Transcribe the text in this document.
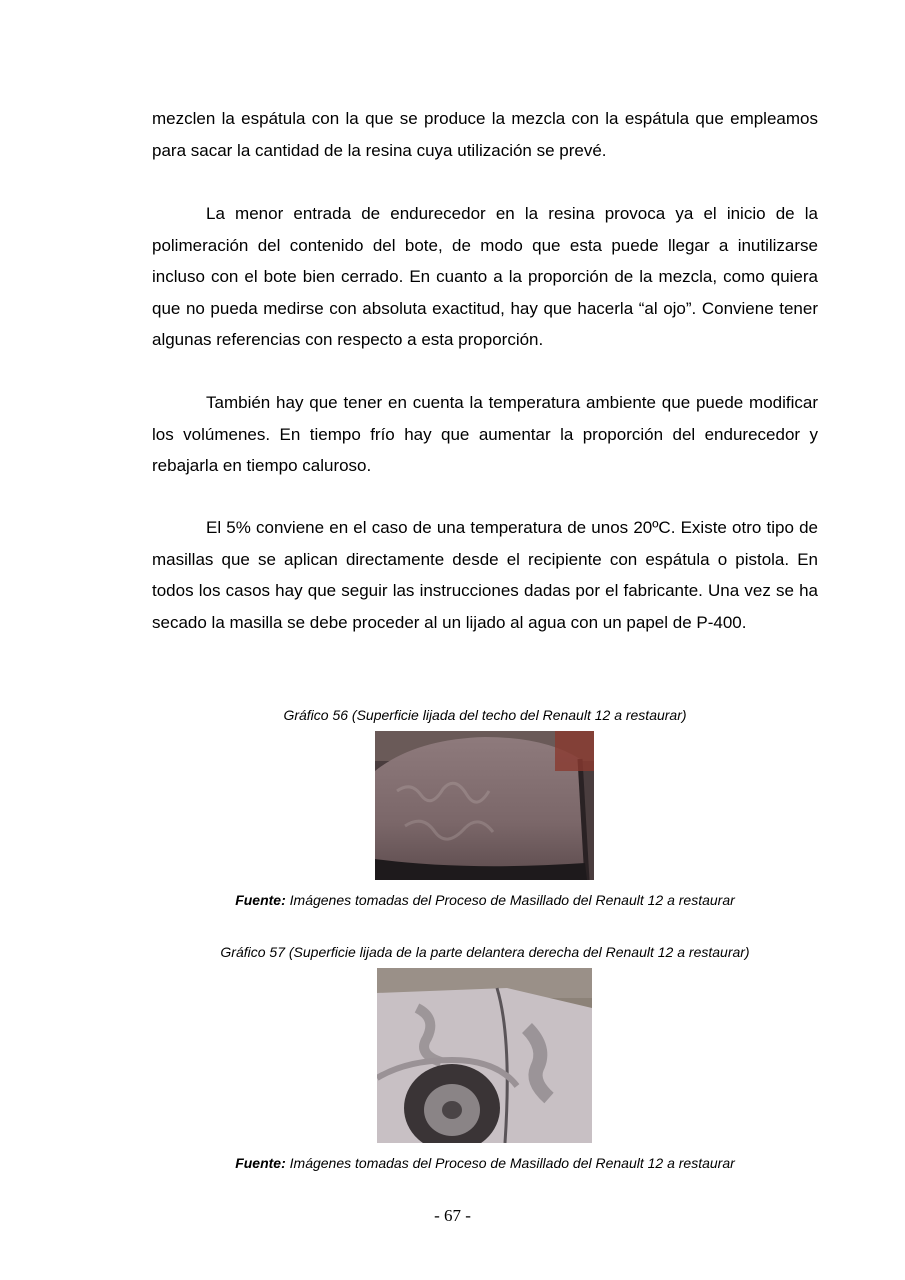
mezclen la espátula con la que se produce la mezcla con la espátula que empleamos para sacar la cantidad de la resina cuya utilización se prevé.

La menor entrada de endurecedor en la resina provoca ya el inicio de la polimeración del contenido del bote, de modo que esta puede llegar a inutilizarse incluso con el bote bien cerrado. En cuanto a la proporción de la mezcla, como quiera que no pueda medirse con absoluta exactitud, hay que hacerla “al ojo”. Conviene tener algunas referencias con respecto a esta proporción.

También hay que tener en cuenta la temperatura ambiente que puede modificar los volúmenes. En tiempo frío hay que aumentar la proporción del endurecedor y rebajarla en tiempo caluroso.

El 5% conviene en el caso de una temperatura de unos 20ºC. Existe otro tipo de masillas que se aplican directamente desde el recipiente con espátula o pistola. En todos los casos hay que seguir las instrucciones dadas por el fabricante. Una vez se ha secado la masilla se debe proceder al un lijado al agua con un papel de P-400.

Gráfico 56 (Superficie lijada del techo del Renault 12 a restaurar)

Fuente: Imágenes tomadas del Proceso de Masillado del Renault 12 a restaurar

Gráfico 57 (Superficie lijada de la parte delantera derecha del Renault 12 a restaurar)

Fuente: Imágenes tomadas del Proceso de Masillado del Renault 12 a restaurar

- 67 -
